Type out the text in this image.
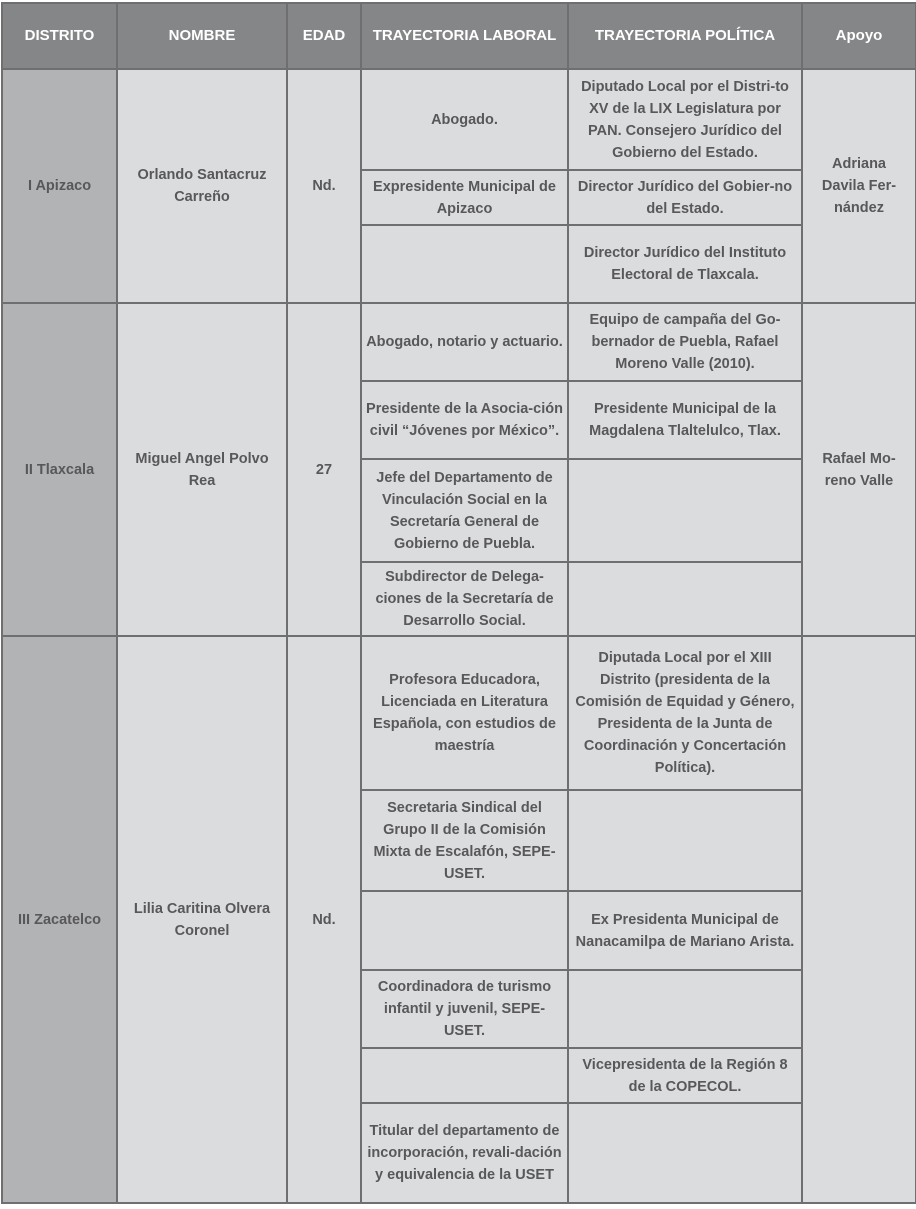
DISTRITO	NOMBRE	EDAD	TRAYECTORIA LABORAL	TRAYECTORIA POLÍTICA	Apoyo
I Apizaco	Orlando Santacruz Carreño	Nd.	Abogado.	Diputado Local por el Distri-to XV de la LIX Legislatura por PAN. Consejero Jurídico del Gobierno del Estado.	Adriana Davila Fer-nández
			Expresidente Municipal de Apizaco	Director Jurídico del Gobier-no del Estado.	
				Director Jurídico del Instituto Electoral de Tlaxcala.	
II Tlaxcala	Miguel Angel Polvo Rea	27	Abogado, notario y actuario.	Equipo de campaña del Go-bernador de Puebla, Rafael Moreno Valle (2010).	Rafael Mo-reno Valle
			Presidente de la Asocia-ción civil “Jóvenes por México”.	Presidente Municipal de la Magdalena Tlaltelulco, Tlax.	
			Jefe del Departamento de Vinculación Social en la Secretaría General de Gobierno de Puebla.		
			Subdirector de Delega-ciones de la Secretaría de Desarrollo Social.		
III Zacatelco	Lilia Caritina Olvera Coronel	Nd.	Profesora Educadora, Licenciada en Literatura Española, con estudios de maestría	Diputada Local por el XIII Distrito (presidenta de la Comisión de Equidad y Género, Presidenta de la Junta de Coordinación y Concertación Política).	
			Secretaria Sindical del Grupo II de la Comisión Mixta de Escalafón, SEPE-USET.		
				Ex Presidenta Municipal de Nanacamilpa de Mariano Arista.	
			Coordinadora de turismo infantil y juvenil, SEPE-USET.		
				Vicepresidenta de la Región 8 de la COPECOL.	
			Titular del departamento de incorporación, revali-dación y equivalencia de la USET		
